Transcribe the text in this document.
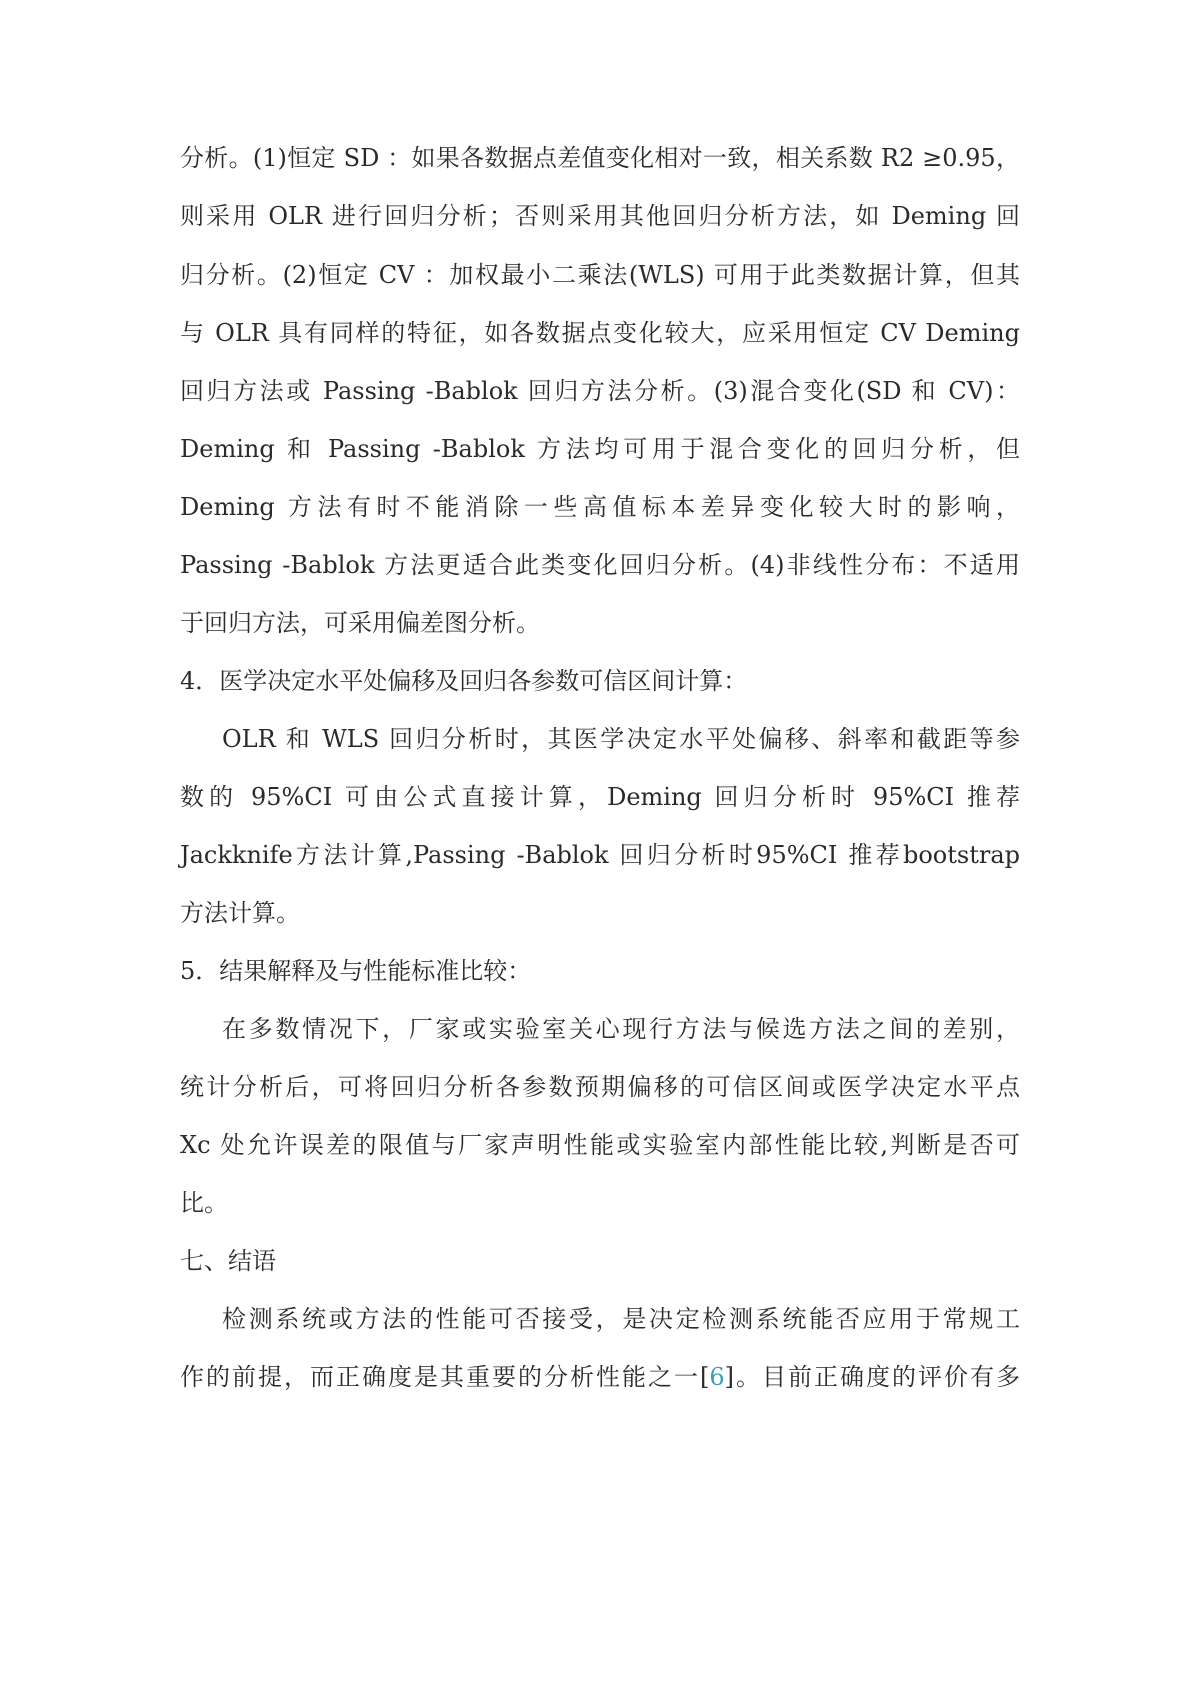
分析。(1)恒定 SD ：如果各数据点差值变化相对一致，相关系数 R2 ≥0.95，
则采用 OLR 进行回归分析；否则采用其他回归分析方法，如 Deming 回
归分析。(2)恒定 CV ：加权最小二乘法(WLS) 可用于此类数据计算，但其
与 OLR 具有同样的特征，如各数据点变化较大，应采用恒定 CV Deming
回归方法或 Passing -Bablok 回归方法分析。(3)混合变化(SD 和 CV)：
Deming 和 Passing -Bablok 方法均可用于混合变化的回归分析，但
Deming 方法有时不能消除一些高值标本差异变化较大时的影响，
Passing -Bablok 方法更适合此类变化回归分析。(4)非线性分布：不适用
于回归方法，可采用偏差图分析。
4．医学决定水平处偏移及回归各参数可信区间计算：
OLR 和 WLS 回归分析时，其医学决定水平处偏移、斜率和截距等参
数的 95%CI 可由公式直接计算，Deming 回归分析时 95%CI 推荐
Jackknife方法计算,Passing -Bablok 回归分析时95%CI 推荐bootstrap
方法计算。
5．结果解释及与性能标准比较：
在多数情况下，厂家或实验室关心现行方法与候选方法之间的差别，
统计分析后，可将回归分析各参数预期偏移的可信区间或医学决定水平点
Xc 处允许误差的限值与厂家声明性能或实验室内部性能比较,判断是否可
比。
七、结语
检测系统或方法的性能可否接受，是决定检测系统能否应用于常规工
作的前提，而正确度是其重要的分析性能之一[6]。目前正确度的评价有多
